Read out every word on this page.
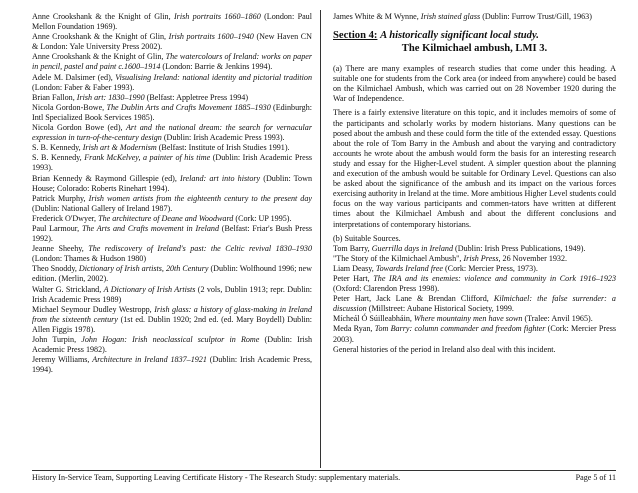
Anne Crookshank & the Knight of Glin, Irish portraits 1660–1860 (London: Paul Mellon Foundation 1969).

Anne Crookshank & the Knight of Glin, Irish portraits 1600–1940 (New Haven CN & London: Yale University Press 2002).

Anne Crookshank & the Knight of Glin, The watercolours of Ireland: works on paper in pencil, pastel and paint c.1600–1914 (London: Barrie & Jenkins 1994).

Adele M. Dalsimer (ed), Visualising Ireland: national identity and pictorial tradition (London: Faber & Faber 1993).

Brian Fallon, Irish art: 1830–1990 (Belfast: Appletree Press 1994)

Nicola Gordon-Bowe, The Dublin Arts and Crafts Movement 1885–1930 (Edinburgh: Intl Specialized Book Services 1985).

Nicola Gordon Bowe (ed), Art and the national dream: the search for vernacular expression in turn-of-the-century design (Dublin: Irish Academic Press 1993).

S. B. Kennedy, Irish art & Modernism (Belfast: Institute of Irish Studies 1991).

S. B. Kennedy, Frank McKelvey, a painter of his time (Dublin: Irish Academic Press 1993).

Brian Kennedy & Raymond Gillespie (ed), Ireland: art into history (Dublin: Town House; Colorado: Roberts Rinehart 1994).

Patrick Murphy, Irish women artists from the eighteenth century to the present day (Dublin: National Gallery of Ireland 1987).

Frederick O'Dwyer, The architecture of Deane and Woodward (Cork: UP 1995).

Paul Larmour, The Arts and Crafts movement in Ireland (Belfast: Friar's Bush Press 1992).

Jeanne Sheehy, The rediscovery of Ireland's past: the Celtic revival 1830–1930 (London: Thames & Hudson 1980)

Theo Snoddy, Dictionary of Irish artists, 20th Century (Dublin: Wolfhound 1996; new edition. (Merlin, 2002).

Walter G. Strickland, A Dictionary of Irish Artists (2 vols, Dublin 1913; repr. Dublin: Irish Academic Press 1989)

Michael Seymour Dudley Westropp, Irish glass: a history of glass-making in Ireland from the sixteenth century (1st ed. Dublin 1920; 2nd ed. (ed. Mary Boydell) Dublin: Allen Figgis 1978).

John Turpin, John Hogan: Irish neoclassical sculptor in Rome (Dublin: Irish Academic Press 1982).

Jeremy Williams, Architecture in Ireland 1837–1921 (Dublin: Irish Academic Press, 1994).

James White & M Wynne, Irish stained glass (Dublin: Furrow Trust/Gill, 1963)

Section 4: A historically significant local study.

The Kilmichael ambush, LMI 3.

(a) There are many examples of research studies that come under this heading. A suitable one for students from the Cork area (or indeed from anywhere) could be based on the Kilmichael Ambush, which was carried out on 28 November 1920 during the War of Independence.

There is a fairly extensive literature on this topic, and it includes memoirs of some of the participants and scholarly works by modern historians. Many questions can be posed about the ambush and these could form the title of the extended essay. Questions about the role of Tom Barry in the Ambush and about the varying and contradictory accounts he wrote about the ambush would form the basis for an interesting research study and essay for the Higher-Level student. A simpler question about the planning and execution of the ambush would be suitable for Ordinary Level. Questions can also be asked about the significance of the ambush and its impact on the various forces exercising authority in Ireland at the time. More ambitious Higher Level students could focus on the way various participants and commen-tators have written at different times about the Kilmichael Ambush and about the different conclusions and interpretations of contemporary historians.

(b) Suitable Sources.

Tom Barry, Guerrilla days in Ireland (Dublin: Irish Press Publications, 1949).

"The Story of the Kilmichael Ambush", Irish Press, 26 November 1932.

Liam Deasy, Towards Ireland free (Cork: Mercier Press, 1973).

Peter Hart, The IRA and its enemies: violence and community in Cork 1916–1923 (Oxford: Clarendon Press 1998).

Peter Hart, Jack Lane & Brendan Clifford, Kilmichael: the false surrender: a discussion (Millstreet: Aubane Historical Society, 1999.

Mícheál Ó Súilleabháin, Where mountainy men have sown (Tralee: Anvil 1965).

Meda Ryan, Tom Barry: column commander and freedom fighter (Cork: Mercier Press 2003).

General histories of the period in Ireland also deal with this incident.

History In-Service Team, Supporting Leaving Certificate History - The Research Study: supplementary materials.	Page 5 of 11
